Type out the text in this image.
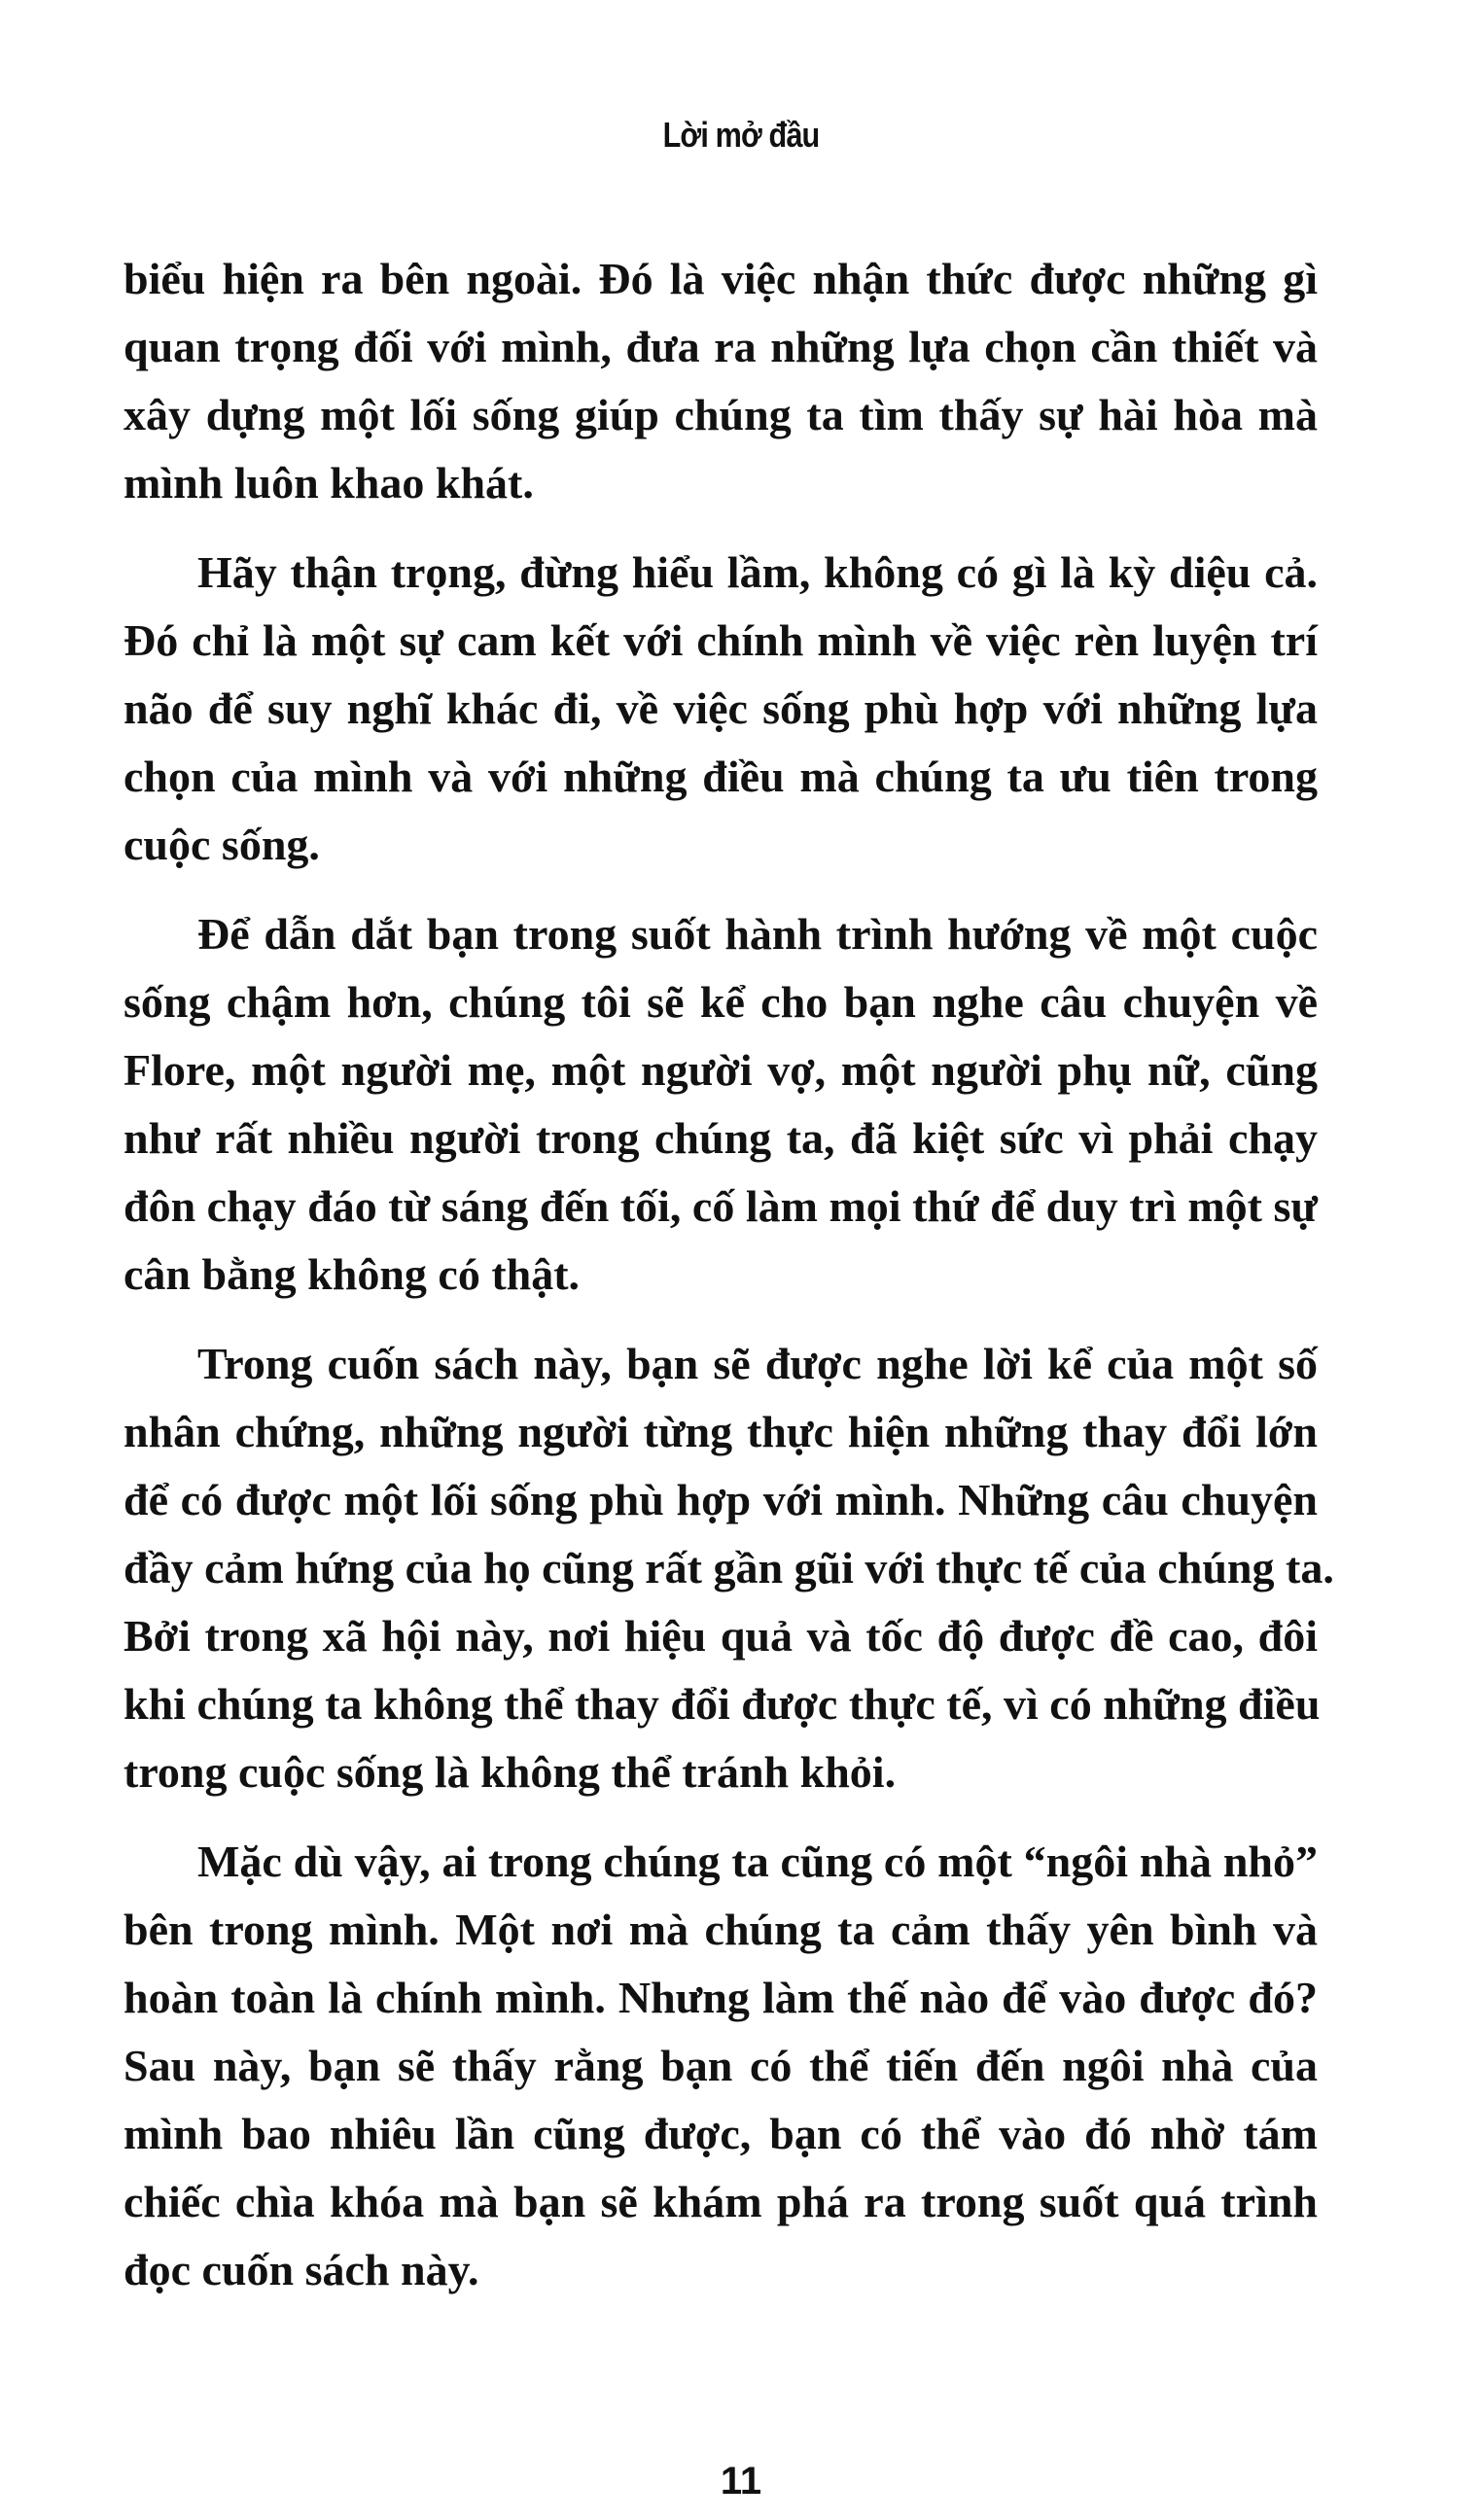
Lời mở đầu
biểu hiện ra bên ngoài. Đó là việc nhận thức được những gì
quan trọng đối với mình, đưa ra những lựa chọn cần thiết và
xây dựng một lối sống giúp chúng ta tìm thấy sự hài hòa mà
mình luôn khao khát.
Hãy thận trọng, đừng hiểu lầm, không có gì là kỳ diệu cả.
Đó chỉ là một sự cam kết với chính mình về việc rèn luyện trí
não để suy nghĩ khác đi, về việc sống phù hợp với những lựa
chọn của mình và với những điều mà chúng ta ưu tiên trong
cuộc sống.
Để dẫn dắt bạn trong suốt hành trình hướng về một cuộc
sống chậm hơn, chúng tôi sẽ kể cho bạn nghe câu chuyện về
Flore, một người mẹ, một người vợ, một người phụ nữ, cũng
như rất nhiều người trong chúng ta, đã kiệt sức vì phải chạy
đôn chạy đáo từ sáng đến tối, cố làm mọi thứ để duy trì một sự
cân bằng không có thật.
Trong cuốn sách này, bạn sẽ được nghe lời kể của một số
nhân chứng, những người từng thực hiện những thay đổi lớn
để có được một lối sống phù hợp với mình. Những câu chuyện
đầy cảm hứng của họ cũng rất gần gũi với thực tế của chúng ta.
Bởi trong xã hội này, nơi hiệu quả và tốc độ được đề cao, đôi
khi chúng ta không thể thay đổi được thực tế, vì có những điều
trong cuộc sống là không thể tránh khỏi.
Mặc dù vậy, ai trong chúng ta cũng có một “ngôi nhà nhỏ”
bên trong mình. Một nơi mà chúng ta cảm thấy yên bình và
hoàn toàn là chính mình. Nhưng làm thế nào để vào được đó?
Sau này, bạn sẽ thấy rằng bạn có thể tiến đến ngôi nhà của
mình bao nhiêu lần cũng được, bạn có thể vào đó nhờ tám
chiếc chìa khóa mà bạn sẽ khám phá ra trong suốt quá trình
đọc cuốn sách này.
11
